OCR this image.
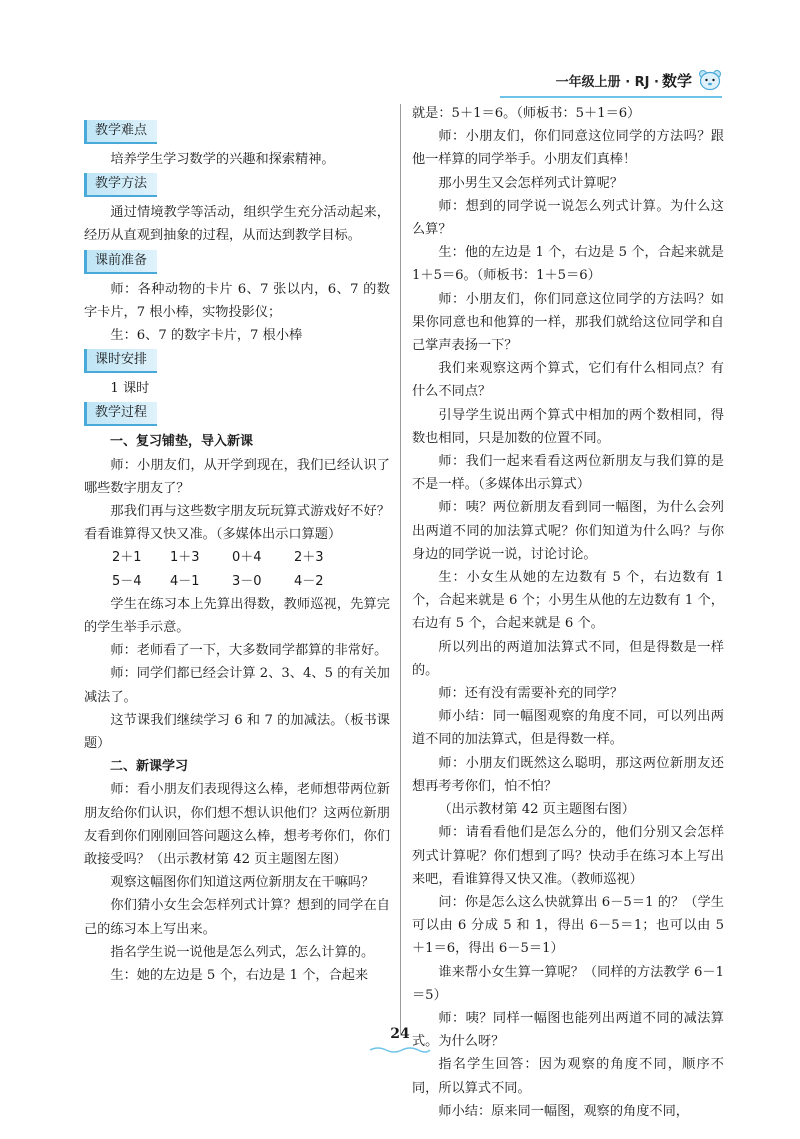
一年级上册 · RJ · 数学
教学难点

培养学生学习数学的兴趣和探索精神。

教学方法

通过情境教学等活动，组织学生充分活动起来，经历从直观到抽象的过程，从而达到教学目标。

课前准备

师：各种动物的卡片 6、7 张以内，6、7 的数字卡片，7 根小棒，实物投影仪；

生：6、7 的数字卡片，7 根小棒

课时安排

1 课时

教学过程

一、复习铺垫，导入新课

师：小朋友们，从开学到现在，我们已经认识了哪些数字朋友了？

那我们再与这些数字朋友玩玩算式游戏好不好？看看谁算得又快又准。（多媒体出示口算题）

2＋1	1＋3	0＋4	2＋3
5－4	4－1	3－0	4－2

学生在练习本上先算出得数，教师巡视，先算完的学生举手示意。

师：老师看了一下，大多数同学都算的非常好。

师：同学们都已经会计算 2、3、4、5 的有关加减法了。

这节课我们继续学习 6 和 7 的加减法。（板书课题）

二、新课学习

师：看小朋友们表现得这么棒，老师想带两位新朋友给你们认识，你们想不想认识他们？这两位新朋友看到你们刚刚回答问题这么棒，想考考你们，你们敢接受吗？（出示教材第 42 页主题图左图）

观察这幅图你们知道这两位新朋友在干嘛吗？

你们猜小女生会怎样列式计算？想到的同学在自己的练习本上写出来。

指名学生说一说他是怎么列式，怎么计算的。

生：她的左边是 5 个，右边是 1 个，合起来

就是：5＋1＝6。（师板书：5＋1＝6）

师：小朋友们，你们同意这位同学的方法吗？跟他一样算的同学举手。小朋友们真棒！

那小男生又会怎样列式计算呢？

师：想到的同学说一说怎么列式计算。为什么这么算？

生：他的左边是 1 个，右边是 5 个，合起来就是 1＋5＝6。（师板书：1＋5＝6）

师：小朋友们，你们同意这位同学的方法吗？如果你同意也和他算的一样，那我们就给这位同学和自己掌声表扬一下？

我们来观察这两个算式，它们有什么相同点？有什么不同点？

引导学生说出两个算式中相加的两个数相同，得数也相同，只是加数的位置不同。

师：我们一起来看看这两位新朋友与我们算的是不是一样。（多媒体出示算式）

师：咦？两位新朋友看到同一幅图，为什么会列出两道不同的加法算式呢？你们知道为什么吗？与你身边的同学说一说，讨论讨论。

生：小女生从她的左边数有 5 个，右边数有 1 个，合起来就是 6 个；小男生从他的左边数有 1 个，右边有 5 个，合起来就是 6 个。

所以列出的两道加法算式不同，但是得数是一样的。

师：还有没有需要补充的同学？

师小结：同一幅图观察的角度不同，可以列出两道不同的加法算式，但是得数一样。

师：小朋友们既然这么聪明，那这两位新朋友还想再考考你们，怕不怕？

（出示教材第 42 页主题图右图）

师：请看看他们是怎么分的，他们分别又会怎样列式计算呢？你们想到了吗？快动手在练习本上写出来吧，看谁算得又快又准。（教师巡视）

问：你是怎么这么快就算出 6－5＝1 的？（学生可以由 6 分成 5 和 1，得出 6－5＝1；也可以由 5＋1＝6，得出 6－5＝1）

谁来帮小女生算一算呢？（同样的方法教学 6－1＝5）

师：咦？同样一幅图也能列出两道不同的减法算式。为什么呀？

指名学生回答：因为观察的角度不同，顺序不同，所以算式不同。

师小结：原来同一幅图，观察的角度不同，

24
